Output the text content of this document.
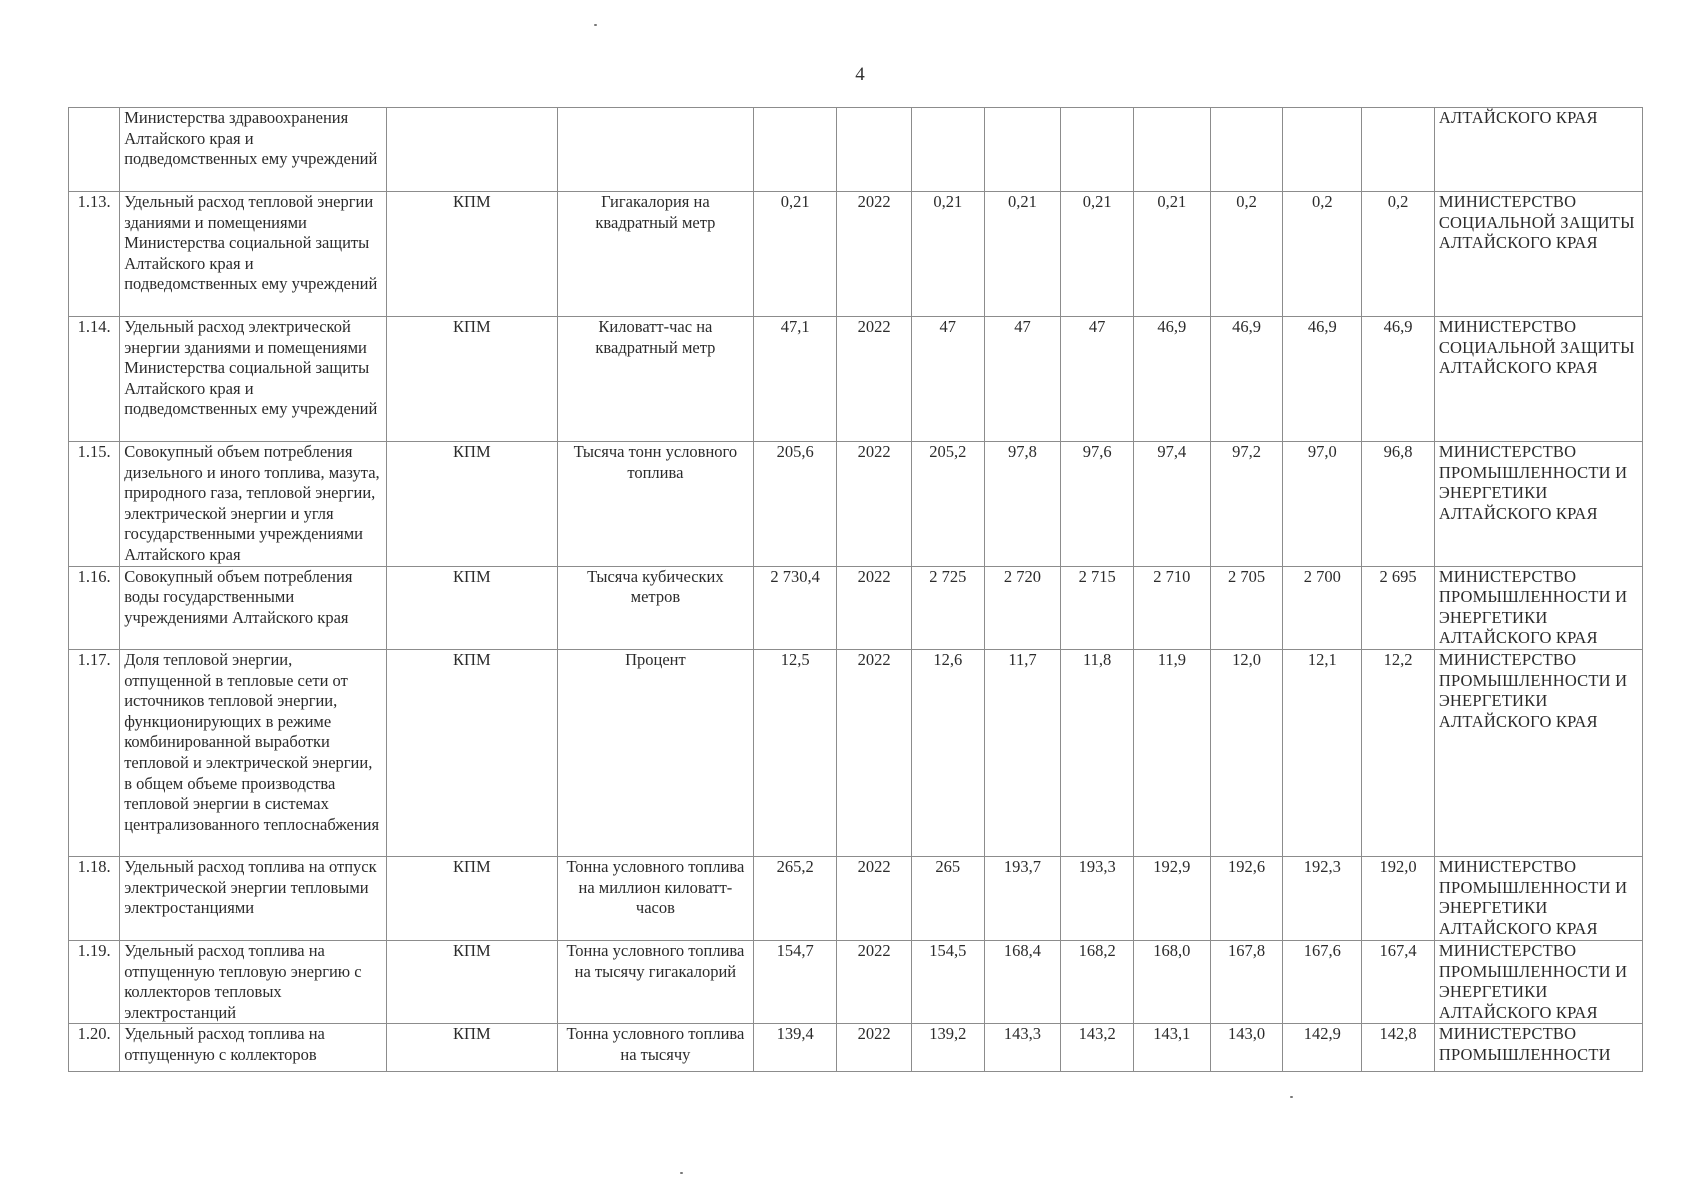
4
	Министерства здравоохранения Алтайского края и подведомственных ему учреждений												АЛТАЙСКОГО КРАЯ
1.13.	Удельный расход тепловой энергии зданиями и помещениями Министерства социальной защиты Алтайского края и подведомственных ему учреждений	КПМ	Гигакалория на квадратный метр	0,21	2022	0,21	0,21	0,21	0,21	0,2	0,2	0,2	МИНИСТЕРСТВО СОЦИАЛЬНОЙ ЗАЩИТЫ АЛТАЙСКОГО КРАЯ
1.14.	Удельный расход электрической энергии зданиями и помещениями Министерства социальной защиты Алтайского края и подведомственных ему учреждений	КПМ	Киловатт-час на квадратный метр	47,1	2022	47	47	47	46,9	46,9	46,9	46,9	МИНИСТЕРСТВО СОЦИАЛЬНОЙ ЗАЩИТЫ АЛТАЙСКОГО КРАЯ
1.15.	Совокупный объем потребления дизельного и иного топлива, мазута, природного газа, тепловой энергии, электрической энергии и угля государственными учреждениями Алтайского края	КПМ	Тысяча тонн условного топлива	205,6	2022	205,2	97,8	97,6	97,4	97,2	97,0	96,8	МИНИСТЕРСТВО ПРОМЫШЛЕННОСТИ И ЭНЕРГЕТИКИ АЛТАЙСКОГО КРАЯ
1.16.	Совокупный объем потребления воды государственными учреждениями Алтайского края	КПМ	Тысяча кубических метров	2 730,4	2022	2 725	2 720	2 715	2 710	2 705	2 700	2 695	МИНИСТЕРСТВО ПРОМЫШЛЕННОСТИ И ЭНЕРГЕТИКИ АЛТАЙСКОГО КРАЯ
1.17.	Доля тепловой энергии, отпущенной в тепловые сети от источников тепловой энергии, функционирующих в режиме комбинированной выработки тепловой и электрической энергии, в общем объеме производства тепловой энергии в системах централизованного теплоснабжения	КПМ	Процент	12,5	2022	12,6	11,7	11,8	11,9	12,0	12,1	12,2	МИНИСТЕРСТВО ПРОМЫШЛЕННОСТИ И ЭНЕРГЕТИКИ АЛТАЙСКОГО КРАЯ
1.18.	Удельный расход топлива на отпуск электрической энергии тепловыми электростанциями	КПМ	Тонна условного топлива на миллион киловатт-часов	265,2	2022	265	193,7	193,3	192,9	192,6	192,3	192,0	МИНИСТЕРСТВО ПРОМЫШЛЕННОСТИ И ЭНЕРГЕТИКИ АЛТАЙСКОГО КРАЯ
1.19.	Удельный расход топлива на отпущенную тепловую энергию с коллекторов тепловых электростанций	КПМ	Тонна условного топлива на тысячу гигакалорий	154,7	2022	154,5	168,4	168,2	168,0	167,8	167,6	167,4	МИНИСТЕРСТВО ПРОМЫШЛЕННОСТИ И ЭНЕРГЕТИКИ АЛТАЙСКОГО КРАЯ
1.20.	Удельный расход топлива на отпущенную с коллекторов	КПМ	Тонна условного топлива на тысячу	139,4	2022	139,2	143,3	143,2	143,1	143,0	142,9	142,8	МИНИСТЕРСТВО ПРОМЫШЛЕННОСТИ
